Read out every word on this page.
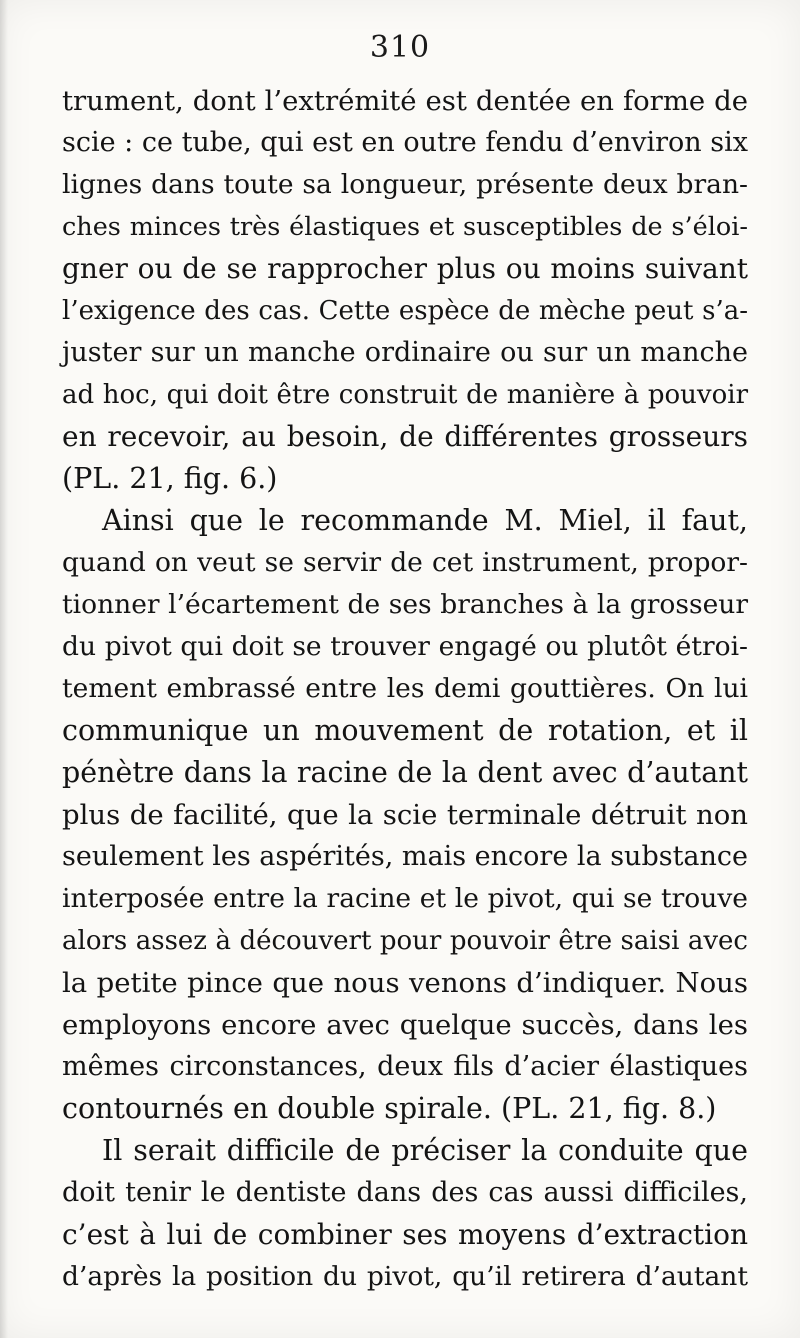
310
trument, dont l’extrémité est dentée en forme de
scie : ce tube, qui est en outre fendu d’environ six
lignes dans toute sa longueur, présente deux bran-
ches minces très élastiques et susceptibles de s’éloi-
gner ou de se rapprocher plus ou moins suivant
l’exigence des cas. Cette espèce de mèche peut s’a-
juster sur un manche ordinaire ou sur un manche
ad hoc, qui doit être construit de manière à pouvoir
en recevoir, au besoin, de différentes grosseurs
(PL. 21, fig. 6.)
Ainsi que le recommande M. Miel, il faut,
quand on veut se servir de cet instrument, propor-
tionner l’écartement de ses branches à la grosseur
du pivot qui doit se trouver engagé ou plutôt étroi-
tement embrassé entre les demi gouttières. On lui
communique un mouvement de rotation, et il
pénètre dans la racine de la dent avec d’autant
plus de facilité, que la scie terminale détruit non
seulement les aspérités, mais encore la substance
interposée entre la racine et le pivot, qui se trouve
alors assez à découvert pour pouvoir être saisi avec
la petite pince que nous venons d’indiquer. Nous
employons encore avec quelque succès, dans les
mêmes circonstances, deux fils d’acier élastiques
contournés en double spirale. (PL. 21, fig. 8.)
Il serait difficile de préciser la conduite que
doit tenir le dentiste dans des cas aussi difficiles,
c’est à lui de combiner ses moyens d’extraction
d’après la position du pivot, qu’il retirera d’autant
